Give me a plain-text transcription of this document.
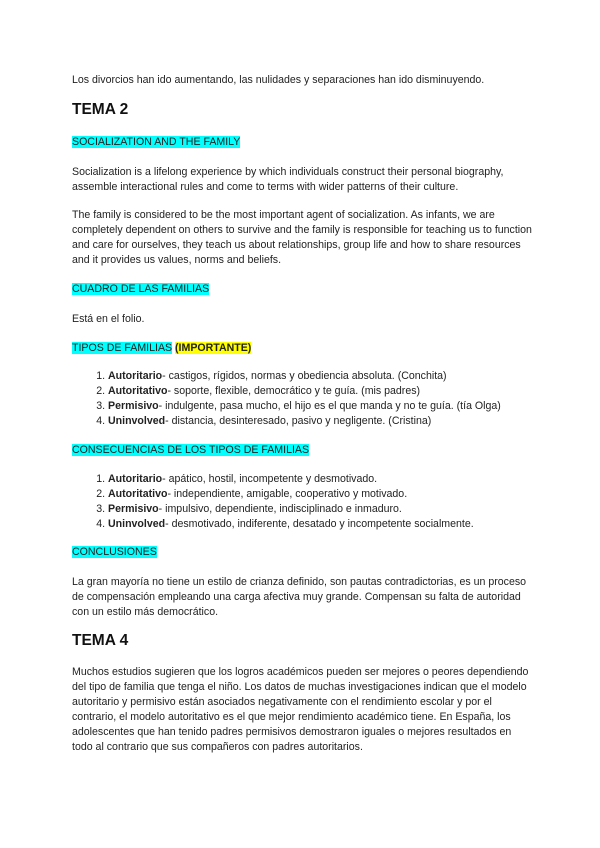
Los divorcios han ido aumentando, las nulidades y separaciones han ido disminuyendo.

TEMA 2

SOCIALIZATION AND THE FAMILY

Socialization is a lifelong experience by which individuals construct their personal biography, assemble interactional rules and come to terms with wider patterns of their culture.

The family is considered to be the most important agent of socialization. As infants, we are completely dependent on others to survive and the family is responsible for teaching us to function and care for ourselves, they teach us about relationships, group life and how to share resources and it provides us values, norms and beliefs.

CUADRO DE LAS FAMILIAS

Está en el folio.

TIPOS DE FAMILIAS (IMPORTANTE)

1. Autoritario- castigos, rígidos, normas y obediencia absoluta. (Conchita)
2. Autoritativo- soporte, flexible, democrático y te guía. (mis padres)
3. Permisivo- indulgente, pasa mucho, el hijo es el que manda y no te guía. (tía Olga)
4. Uninvolved- distancia, desinteresado, pasivo y negligente. (Cristina)

CONSECUENCIAS DE LOS TIPOS DE FAMILIAS

1. Autoritario- apático, hostil, incompetente y desmotivado.
2. Autoritativo- independiente, amigable, cooperativo y motivado.
3. Permisivo- impulsivo, dependiente, indisciplinado e inmaduro.
4. Uninvolved- desmotivado, indiferente, desatado y incompetente socialmente.

CONCLUSIONES

La gran mayoría no tiene un estilo de crianza definido, son pautas contradictorias, es un proceso de compensación empleando una carga afectiva muy grande. Compensan su falta de autoridad con un estilo más democrático.

TEMA 4

Muchos estudios sugieren que los logros académicos pueden ser mejores o peores dependiendo del tipo de familia que tenga el niño. Los datos de muchas investigaciones indican que el modelo autoritario y permisivo están asociados negativamente con el rendimiento escolar y por el contrario, el modelo autoritativo es el que mejor rendimiento académico tiene. En España, los adolescentes que han tenido padres permisivos demostraron iguales o mejores resultados en todo al contrario que sus compañeros con padres autoritarios.
